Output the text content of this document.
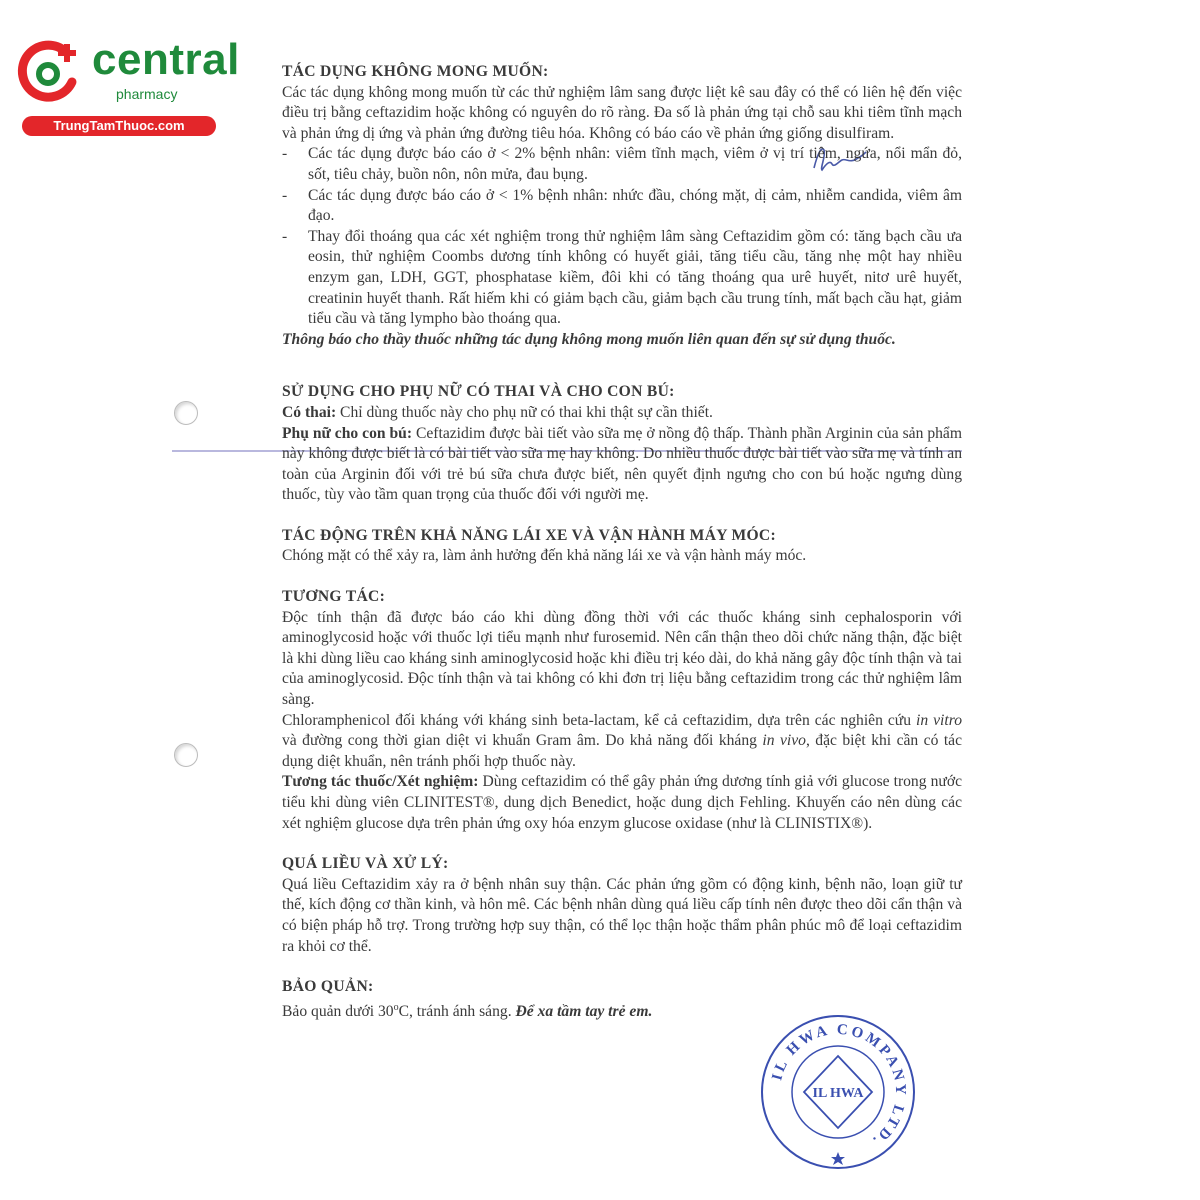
central
pharmacy
TrungTamThuoc.com

TÁC DỤNG KHÔNG MONG MUỐN:

Các tác dụng không mong muốn từ các thử nghiệm lâm sang được liệt kê sau đây có thể có liên hệ đến việc điều trị bằng ceftazidim hoặc không có nguyên do rõ ràng. Đa số là phản ứng tại chỗ sau khi tiêm tĩnh mạch và phản ứng dị ứng và phản ứng đường tiêu hóa. Không có báo cáo về phản ứng giống disulfiram.

-	Các tác dụng được báo cáo ở < 2% bệnh nhân: viêm tĩnh mạch, viêm ở vị trí tiêm, ngứa, nổi mẩn đỏ, sốt, tiêu chảy, buồn nôn, nôn mửa, đau bụng.
-	Các tác dụng được báo cáo ở < 1% bệnh nhân: nhức đầu, chóng mặt, dị cảm, nhiễm candida, viêm âm đạo.
-	Thay đổi thoáng qua các xét nghiệm trong thử nghiệm lâm sàng Ceftazidim gồm có: tăng bạch cầu ưa eosin, thử nghiệm Coombs dương tính không có huyết giải, tăng tiểu cầu, tăng nhẹ một hay nhiều enzym gan, LDH, GGT, phosphatase kiềm, đôi khi có tăng thoáng qua urê huyết, nitơ urê huyết, creatinin huyết thanh. Rất hiếm khi có giảm bạch cầu, giảm bạch cầu trung tính, mất bạch cầu hạt, giảm tiểu cầu và tăng lympho bào thoáng qua.

Thông báo cho thầy thuốc những tác dụng không mong muốn liên quan đến sự sử dụng thuốc.

SỬ DỤNG CHO PHỤ NỮ CÓ THAI VÀ CHO CON BÚ:

Có thai: Chỉ dùng thuốc này cho phụ nữ có thai khi thật sự cần thiết.

Phụ nữ cho con bú: Ceftazidim được bài tiết vào sữa mẹ ở nồng độ thấp. Thành phần Arginin của sản phẩm này không được biết là có bài tiết vào sữa mẹ hay không. Do nhiều thuốc được bài tiết vào sữa mẹ và tính an toàn của Arginin đối với trẻ bú sữa chưa được biết, nên quyết định ngưng cho con bú hoặc ngưng dùng thuốc, tùy vào tầm quan trọng của thuốc đối với người mẹ.

TÁC ĐỘNG TRÊN KHẢ NĂNG LÁI XE VÀ VẬN HÀNH MÁY MÓC:

Chóng mặt có thể xảy ra, làm ảnh hưởng đến khả năng lái xe và vận hành máy móc.

TƯƠNG TÁC:

Độc tính thận đã được báo cáo khi dùng đồng thời với các thuốc kháng sinh cephalosporin với aminoglycosid hoặc với thuốc lợi tiểu mạnh như furosemid. Nên cẩn thận theo dõi chức năng thận, đặc biệt là khi dùng liều cao kháng sinh aminoglycosid hoặc khi điều trị kéo dài, do khả năng gây độc tính thận và tai của aminoglycosid. Độc tính thận và tai không có khi đơn trị liệu bằng ceftazidim trong các thử nghiệm lâm sàng.

Chloramphenicol đối kháng với kháng sinh beta-lactam, kể cả ceftazidim, dựa trên các nghiên cứu in vitro và đường cong thời gian diệt vi khuẩn Gram âm. Do khả năng đối kháng in vivo, đặc biệt khi cần có tác dụng diệt khuẩn, nên tránh phối hợp thuốc này.

Tương tác thuốc/Xét nghiệm: Dùng ceftazidim có thể gây phản ứng dương tính giả với glucose trong nước tiểu khi dùng viên CLINITEST®, dung dịch Benedict, hoặc dung dịch Fehling. Khuyến cáo nên dùng các xét nghiệm glucose dựa trên phản ứng oxy hóa enzym glucose oxidase (như là CLINISTIX®).

QUÁ LIỀU VÀ XỬ LÝ:

Quá liều Ceftazidim xảy ra ở bệnh nhân suy thận. Các phản ứng gồm có động kinh, bệnh não, loạn giữ tư thế, kích động cơ thần kinh, và hôn mê. Các bệnh nhân dùng quá liều cấp tính nên được theo dõi cẩn thận và có biện pháp hỗ trợ. Trong trường hợp suy thận, có thể lọc thận hoặc thẩm phân phúc mô để loại ceftazidim ra khỏi cơ thể.

BẢO QUẢN:

Bảo quản dưới 30$^o$C, tránh ánh sáng. Để xa tầm tay trẻ em.

IL HWA COMPANY LTD.
IL HWA
